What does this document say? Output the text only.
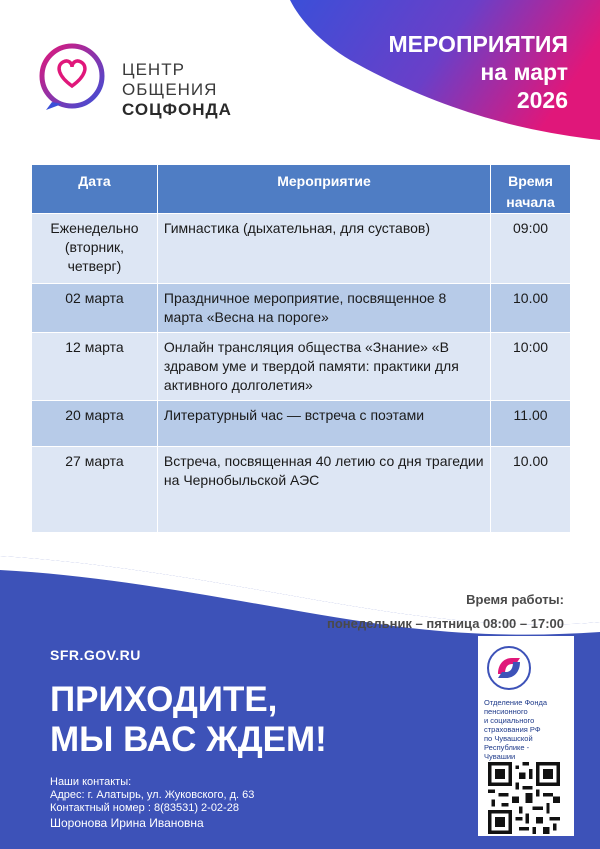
ЦЕНТР
ОБЩЕНИЯ
СОЦФОНДА
МЕРОПРИЯТИЯ
на март
2026
Дата	Мероприятие	Время начала
Еженедельно (вторник, четверг)	Гимнастика (дыхательная, для суставов)	09:00
02 марта	Праздничное мероприятие, посвященное 8 марта «Весна на пороге»	10.00
12 марта	Онлайн трансляция общества «Знание» «В здравом уме и твердой памяти: практики для активного долголетия»	10:00
20 марта	Литературный час — встреча с поэтами	11.00
27 марта	Встреча, посвященная 40 летию со дня трагедии на Чернобыльской АЭС	10.00
Время работы:
понедельник – пятница 08:00 – 17:00
SFR.GOV.RU
ПРИХОДИТЕ,
МЫ ВАС ЖДЕМ!
Наши контакты:
Адрес: г. Алатырь, ул. Жуковского, д. 63
Контактный номер : 8(83531) 2-02-28
Шоронова Ирина Ивановна
Отделение Фонда
пенсионного
и социального
страхования РФ
по Чувашской
Республике -
Чувашии
